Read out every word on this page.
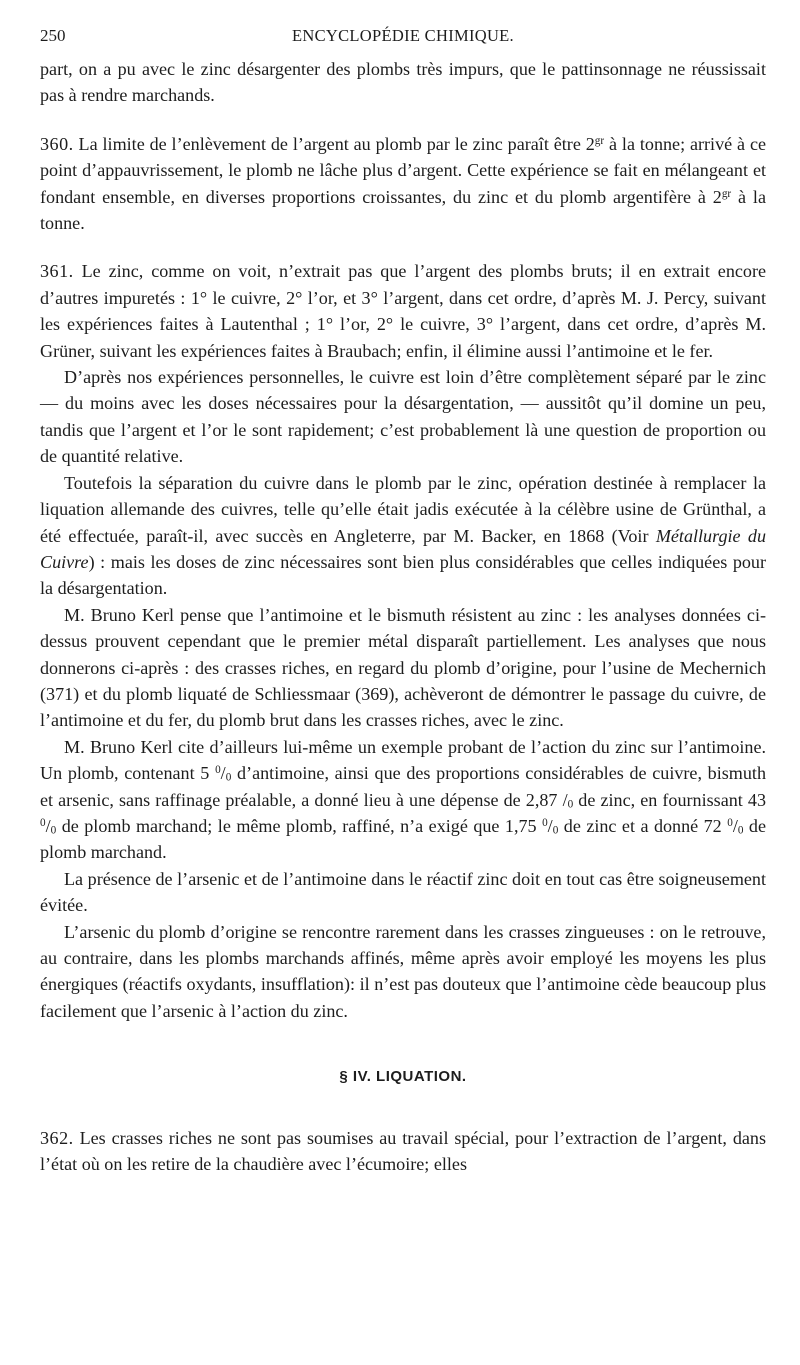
250	ENCYCLOPÉDIE CHIMIQUE.

part, on a pu avec le zinc désargenter des plombs très impurs, que le pattinsonnage ne réussissait pas à rendre marchands.

360. La limite de l’enlèvement de l’argent au plomb par le zinc paraît être $2^{gr}$ à la tonne; arrivé à ce point d’appauvrissement, le plomb ne lâche plus d’argent. Cette expérience se fait en mélangeant et fondant ensemble, en diverses proportions croissantes, du zinc et du plomb argentifère à $2^{gr}$ à la tonne.

361. Le zinc, comme on voit, n’extrait pas que l’argent des plombs bruts; il en extrait encore d’autres impuretés : 1° le cuivre, 2° l’or, et 3° l’argent, dans cet ordre, d’après M. J. Percy, suivant les expériences faites à Lautenthal ; 1° l’or, 2° le cuivre, 3° l’argent, dans cet ordre, d’après M. Grüner, suivant les expériences faites à Braubach; enfin, il élimine aussi l’antimoine et le fer.

D’après nos expériences personnelles, le cuivre est loin d’être complètement séparé par le zinc — du moins avec les doses nécessaires pour la désargentation, — aussitôt qu’il domine un peu, tandis que l’argent et l’or le sont rapidement; c’est probablement là une question de proportion ou de quantité relative.

Toutefois la séparation du cuivre dans le plomb par le zinc, opération destinée à remplacer la liquation allemande des cuivres, telle qu’elle était jadis exécutée à la célèbre usine de Grünthal, a été effectuée, paraît-il, avec succès en Angleterre, par M. Backer, en 1868 (Voir Métallurgie du Cuivre) : mais les doses de zinc nécessaires sont bien plus considérables que celles indiquées pour la désargentation.

M. Bruno Kerl pense que l’antimoine et le bismuth résistent au zinc : les analyses données ci-dessus prouvent cependant que le premier métal disparaît partiellement. Les analyses que nous donnerons ci-après : des crasses riches, en regard du plomb d’origine, pour l’usine de Mechernich (371) et du plomb liquaté de Schliessmaar (369), achèveront de démontrer le passage du cuivre, de l’antimoine et du fer, du plomb brut dans les crasses riches, avec le zinc.

M. Bruno Kerl cite d’ailleurs lui-même un exemple probant de l’action du zinc sur l’antimoine. Un plomb, contenant 5 $^0/_0$ d’antimoine, ainsi que des proportions considérables de cuivre, bismuth et arsenic, sans raffinage préalable, a donné lieu à une dépense de 2,87 $/_0$ de zinc, en fournissant 43 $^0/_0$ de plomb marchand; le même plomb, raffiné, n’a exigé que 1,75 $^0/_0$ de zinc et a donné 72 $^0/_0$ de plomb marchand.

La présence de l’arsenic et de l’antimoine dans le réactif zinc doit en tout cas être soigneusement évitée.

L’arsenic du plomb d’origine se rencontre rarement dans les crasses zingueuses : on le retrouve, au contraire, dans les plombs marchands affinés, même après avoir employé les moyens les plus énergiques (réactifs oxydants, insufflation): il n’est pas douteux que l’antimoine cède beaucoup plus facilement que l’arsenic à l’action du zinc.

§ IV. LIQUATION.

362. Les crasses riches ne sont pas soumises au travail spécial, pour l’extraction de l’argent, dans l’état où on les retire de la chaudière avec l’écumoire; elles
